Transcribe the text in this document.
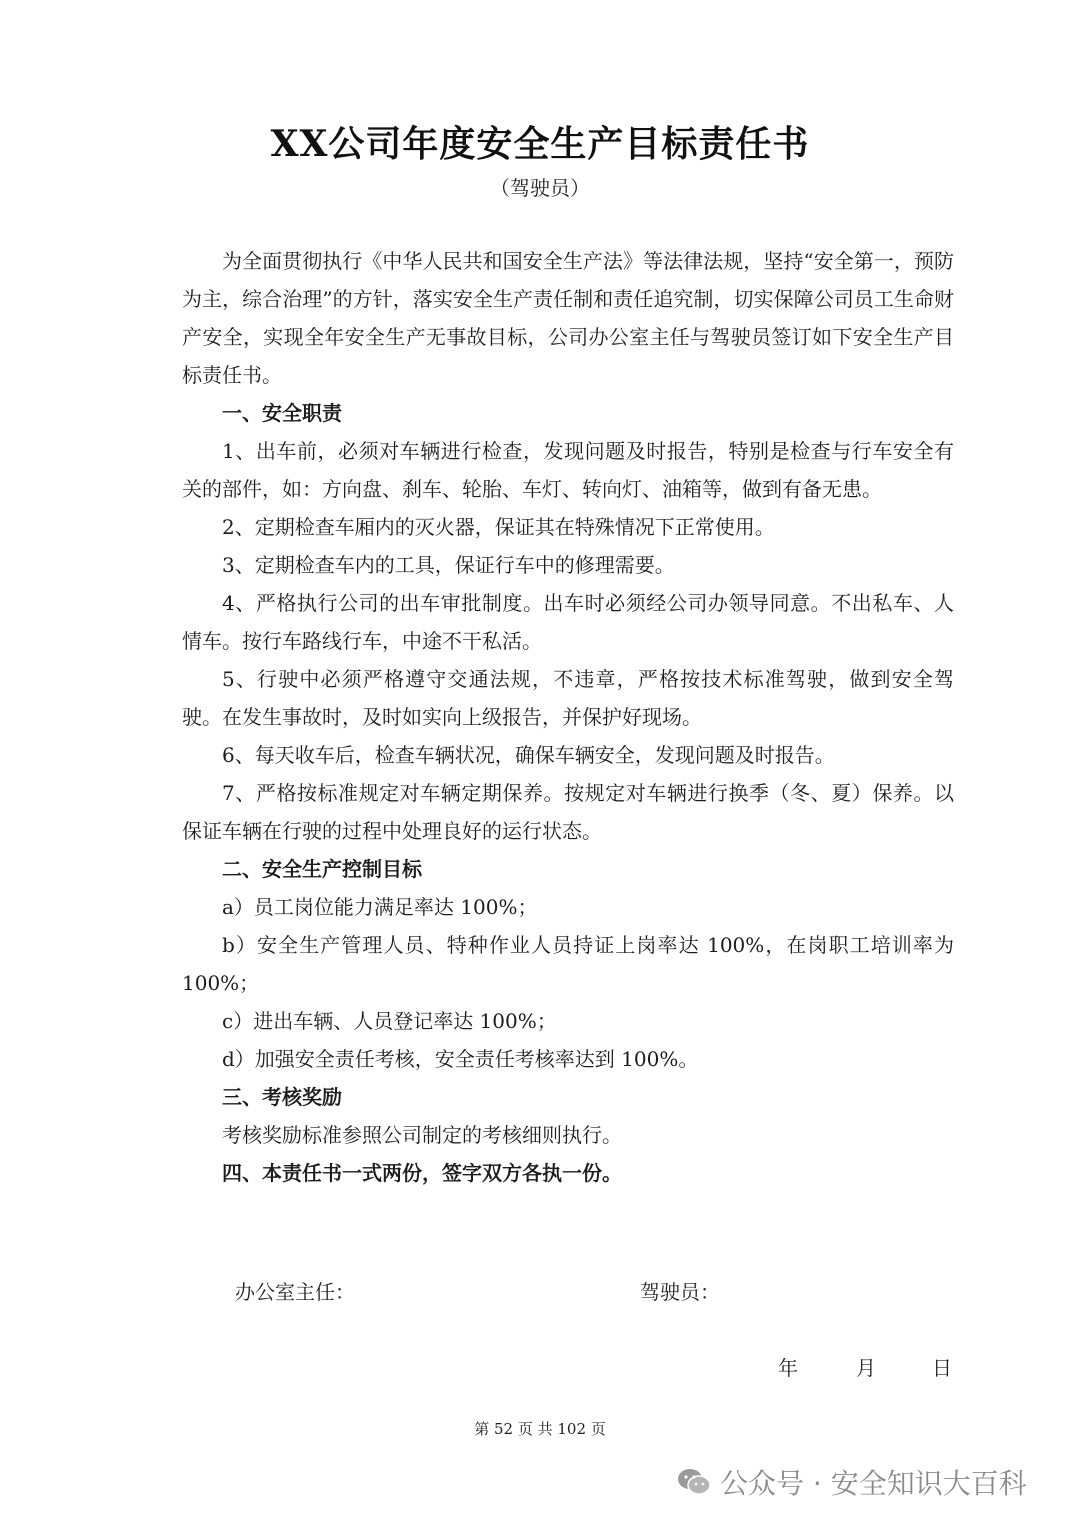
XX公司年度安全生产目标责任书
（驾驶员）

为全面贯彻执行《中华人民共和国安全生产法》等法律法规，坚持“安全第一，预防为主，综合治理”的方针，落实安全生产责任制和责任追究制，切实保障公司员工生命财产安全，实现全年安全生产无事故目标，公司办公室主任与驾驶员签订如下安全生产目标责任书。

一、安全职责

1、出车前，必须对车辆进行检查，发现问题及时报告，特别是检查与行车安全有关的部件，如：方向盘、刹车、轮胎、车灯、转向灯、油箱等，做到有备无患。

2、定期检查车厢内的灭火器，保证其在特殊情况下正常使用。

3、定期检查车内的工具，保证行车中的修理需要。

4、严格执行公司的出车审批制度。出车时必须经公司办领导同意。不出私车、人情车。按行车路线行车，中途不干私活。

5、行驶中必须严格遵守交通法规，不违章，严格按技术标准驾驶，做到安全驾驶。在发生事故时，及时如实向上级报告，并保护好现场。

6、每天收车后，检查车辆状况，确保车辆安全，发现问题及时报告。

7、严格按标准规定对车辆定期保养。按规定对车辆进行换季（冬、夏）保养。以保证车辆在行驶的过程中处理良好的运行状态。

二、安全生产控制目标

a）员工岗位能力满足率达 100%；

b）安全生产管理人员、特种作业人员持证上岗率达 100%，在岗职工培训率为 100%；

c）进出车辆、人员登记率达 100%；

d）加强安全责任考核，安全责任考核率达到 100%。

三、考核奖励

考核奖励标准参照公司制定的考核细则执行。

四、本责任书一式两份，签字双方各执一份。

办公室主任：	驾驶员：
年	月	日
第 52 页 共 102 页
公众号 · 安全知识大百科
